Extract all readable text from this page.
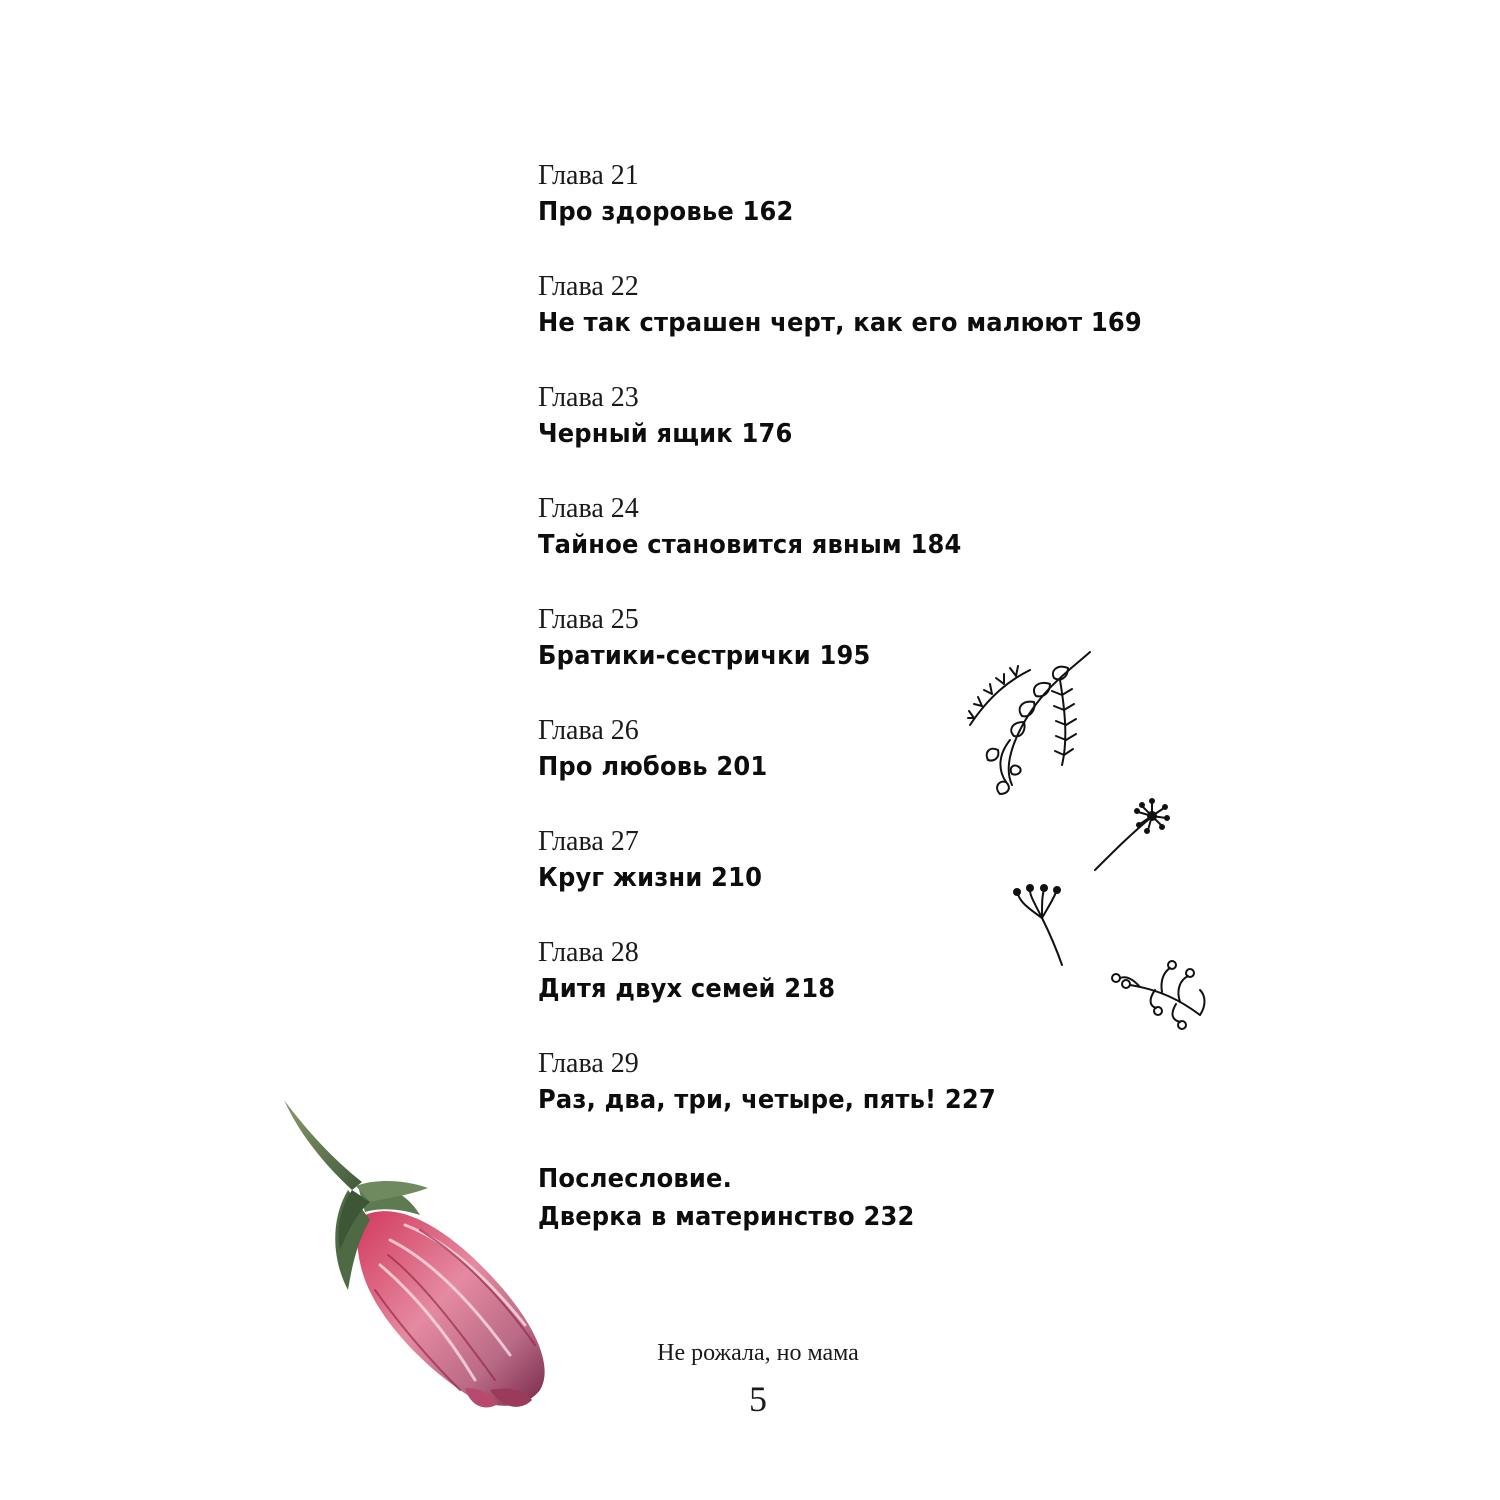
Глава 21
Про здоровье 162
Глава 22
Не так страшен черт, как его малюют 169
Глава 23
Черный ящик 176
Глава 24
Тайное становится явным 184
Глава 25
Братики-сестрички 195
Глава 26
Про любовь 201
Глава 27
Круг жизни 210
Глава 28
Дитя двух семей 218
Глава 29
Раз, два, три, четыре, пять! 227
Послесловие.
Дверка в материнство 232
Не рожала, но мама
5
